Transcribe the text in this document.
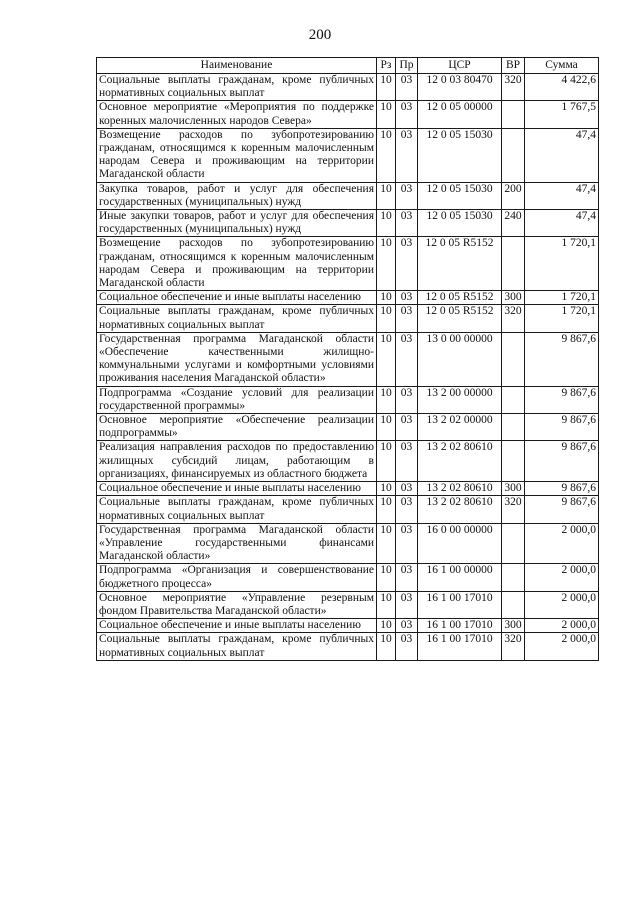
200
Наименование	Рз	Пр	ЦСР	ВР	Сумма
Социальные выплаты гражданам, кроме публичных нормативных социальных выплат	10	03	12 0 03 80470	320	4 422,6
Основное мероприятие «Мероприятия по поддержке коренных малочисленных народов Севера»	10	03	12 0 05 00000		1 767,5
Возмещение расходов по зубопротезированию гражданам, относящимся к коренным малочисленным народам Севера и проживающим на территории Магаданской области	10	03	12 0 05 15030		47,4
Закупка товаров, работ и услуг для обеспечения государственных (муниципальных) нужд	10	03	12 0 05 15030	200	47,4
Иные закупки товаров, работ и услуг для обеспечения государственных (муниципальных) нужд	10	03	12 0 05 15030	240	47,4
Возмещение расходов по зубопротезированию гражданам, относящимся к коренным малочисленным народам Севера и проживающим на территории Магаданской области	10	03	12 0 05 R5152		1 720,1
Социальное обеспечение и иные выплаты населению	10	03	12 0 05 R5152	300	1 720,1
Социальные выплаты гражданам, кроме публичных нормативных социальных выплат	10	03	12 0 05 R5152	320	1 720,1
Государственная программа Магаданской области «Обеспечение качественными жилищно-коммунальными услугами и комфортными условиями проживания населения Магаданской области»	10	03	13 0 00 00000		9 867,6
Подпрограмма «Создание условий для реализации государственной программы»	10	03	13 2 00 00000		9 867,6
Основное мероприятие «Обеспечение реализации подпрограммы»	10	03	13 2 02 00000		9 867,6
Реализация направления расходов по предоставлению жилищных субсидий лицам, работающим в организациях, финансируемых из областного бюджета	10	03	13 2 02 80610		9 867,6
Социальное обеспечение и иные выплаты населению	10	03	13 2 02 80610	300	9 867,6
Социальные выплаты гражданам, кроме публичных нормативных социальных выплат	10	03	13 2 02 80610	320	9 867,6
Государственная программа Магаданской области «Управление государственными финансами Магаданской области»	10	03	16 0 00 00000		2 000,0
Подпрограмма «Организация и совершенствование бюджетного процесса»	10	03	16 1 00 00000		2 000,0
Основное мероприятие «Управление резервным фондом Правительства Магаданской области»	10	03	16 1 00 17010		2 000,0
Социальное обеспечение и иные выплаты населению	10	03	16 1 00 17010	300	2 000,0
Социальные выплаты гражданам, кроме публичных нормативных социальных выплат	10	03	16 1 00 17010	320	2 000,0
